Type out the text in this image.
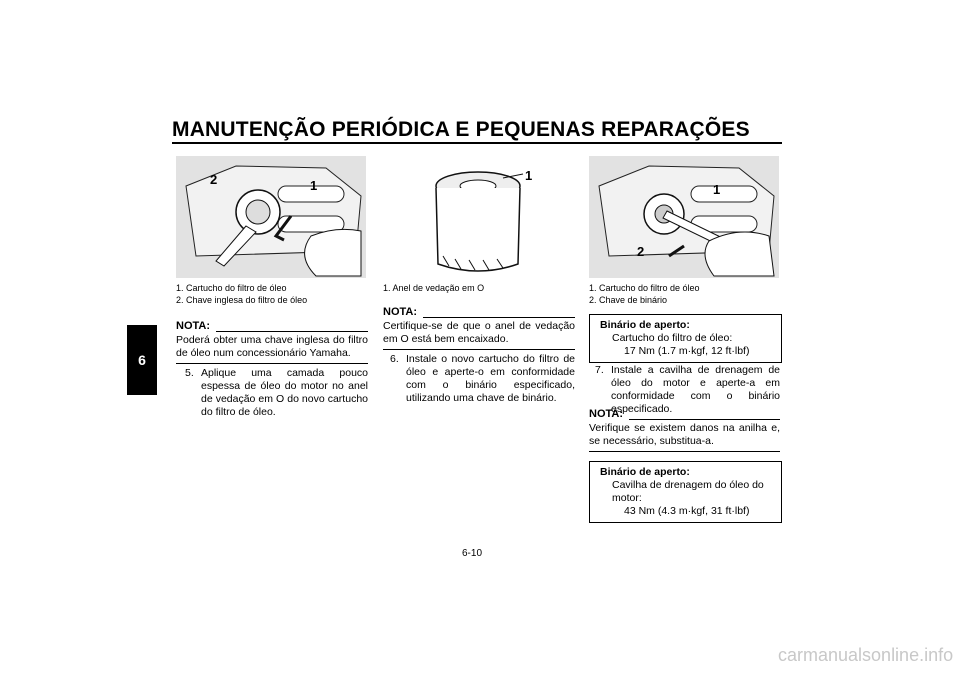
MANUTENÇÃO PERIÓDICA E PEQUENAS REPARAÇÕES
6
2	1
1. Cartucho do filtro de óleo
2. Chave inglesa do filtro de óleo
NOTA:
Poderá obter uma chave inglesa do filtro de óleo num concessionário Yamaha.
5. Aplique uma camada pouco espessa de óleo do motor no anel de vedação em O do novo cartucho do filtro de óleo.
1
1. Anel de vedação em O
NOTA:
Certifique-se de que o anel de vedação em O está bem encaixado.
6. Instale o novo cartucho do filtro de óleo e aperte-o em conformidade com o binário especificado, utilizando uma chave de binário.
1
2
1. Cartucho do filtro de óleo
2. Chave de binário
Binário de aperto:
Cartucho do filtro de óleo:
17 Nm (1.7 m·kgf, 12 ft·lbf)
7. Instale a cavilha de drenagem de óleo do motor e aperte-a em conformidade com o binário especificado.
NOTA:
Verifique se existem danos na anilha e, se necessário, substitua-a.
Binário de aperto:
Cavilha de drenagem do óleo do motor:
43 Nm (4.3 m·kgf, 31 ft·lbf)
6-10
carmanualsonline.info
